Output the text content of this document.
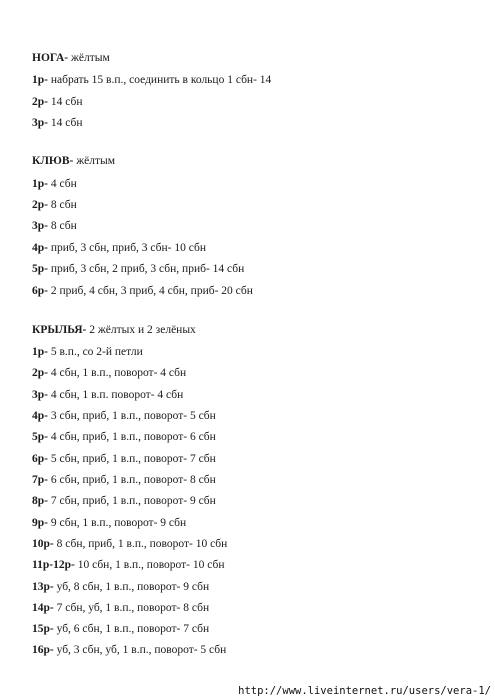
НОГА- жёлтым
1р- набрать 15 в.п., соединить в кольцо 1 сбн- 14
2р- 14 сбн
3р- 14 сбн
КЛЮВ- жёлтым
1р- 4 сбн
2р- 8 сбн
3р- 8 сбн
4р- приб, 3 сбн, приб, 3 сбн- 10 сбн
5р- приб, 3 сбн, 2 приб, 3 сбн, приб- 14 сбн
6р- 2 приб, 4 сбн, 3 приб, 4 сбн, приб- 20 сбн
КРЫЛЬЯ- 2 жёлтых и 2 зелёных
1р- 5 в.п., со 2-й петли
2р- 4 сбн, 1 в.п., поворот- 4 сбн
3р- 4 сбн, 1 в.п. поворот- 4 сбн
4р- 3 сбн, приб, 1 в.п., поворот- 5 сбн
5р- 4 сбн, приб, 1 в.п., поворот- 6 сбн
6р- 5 сбн, приб, 1 в.п., поворот- 7 сбн
7р- 6 сбн, приб, 1 в.п., поворот- 8 сбн
8р- 7 сбн, приб, 1 в.п., поворот- 9 сбн
9р- 9 сбн, 1 в.п., поворот- 9 сбн
10р- 8 сбн, приб, 1 в.п., поворот- 10 сбн
11р-12р- 10 сбн, 1 в.п., поворот- 10 сбн
13р- уб, 8 сбн, 1 в.п., поворот- 9 сбн
14р- 7 сбн, уб, 1 в.п., поворот- 8 сбн
15р- уб, 6 сбн, 1 в.п., поворот- 7 сбн
16р- уб, 3 сбн, уб, 1 в.п., поворот- 5 сбн
http://www.liveinternet.ru/users/vera-1/
